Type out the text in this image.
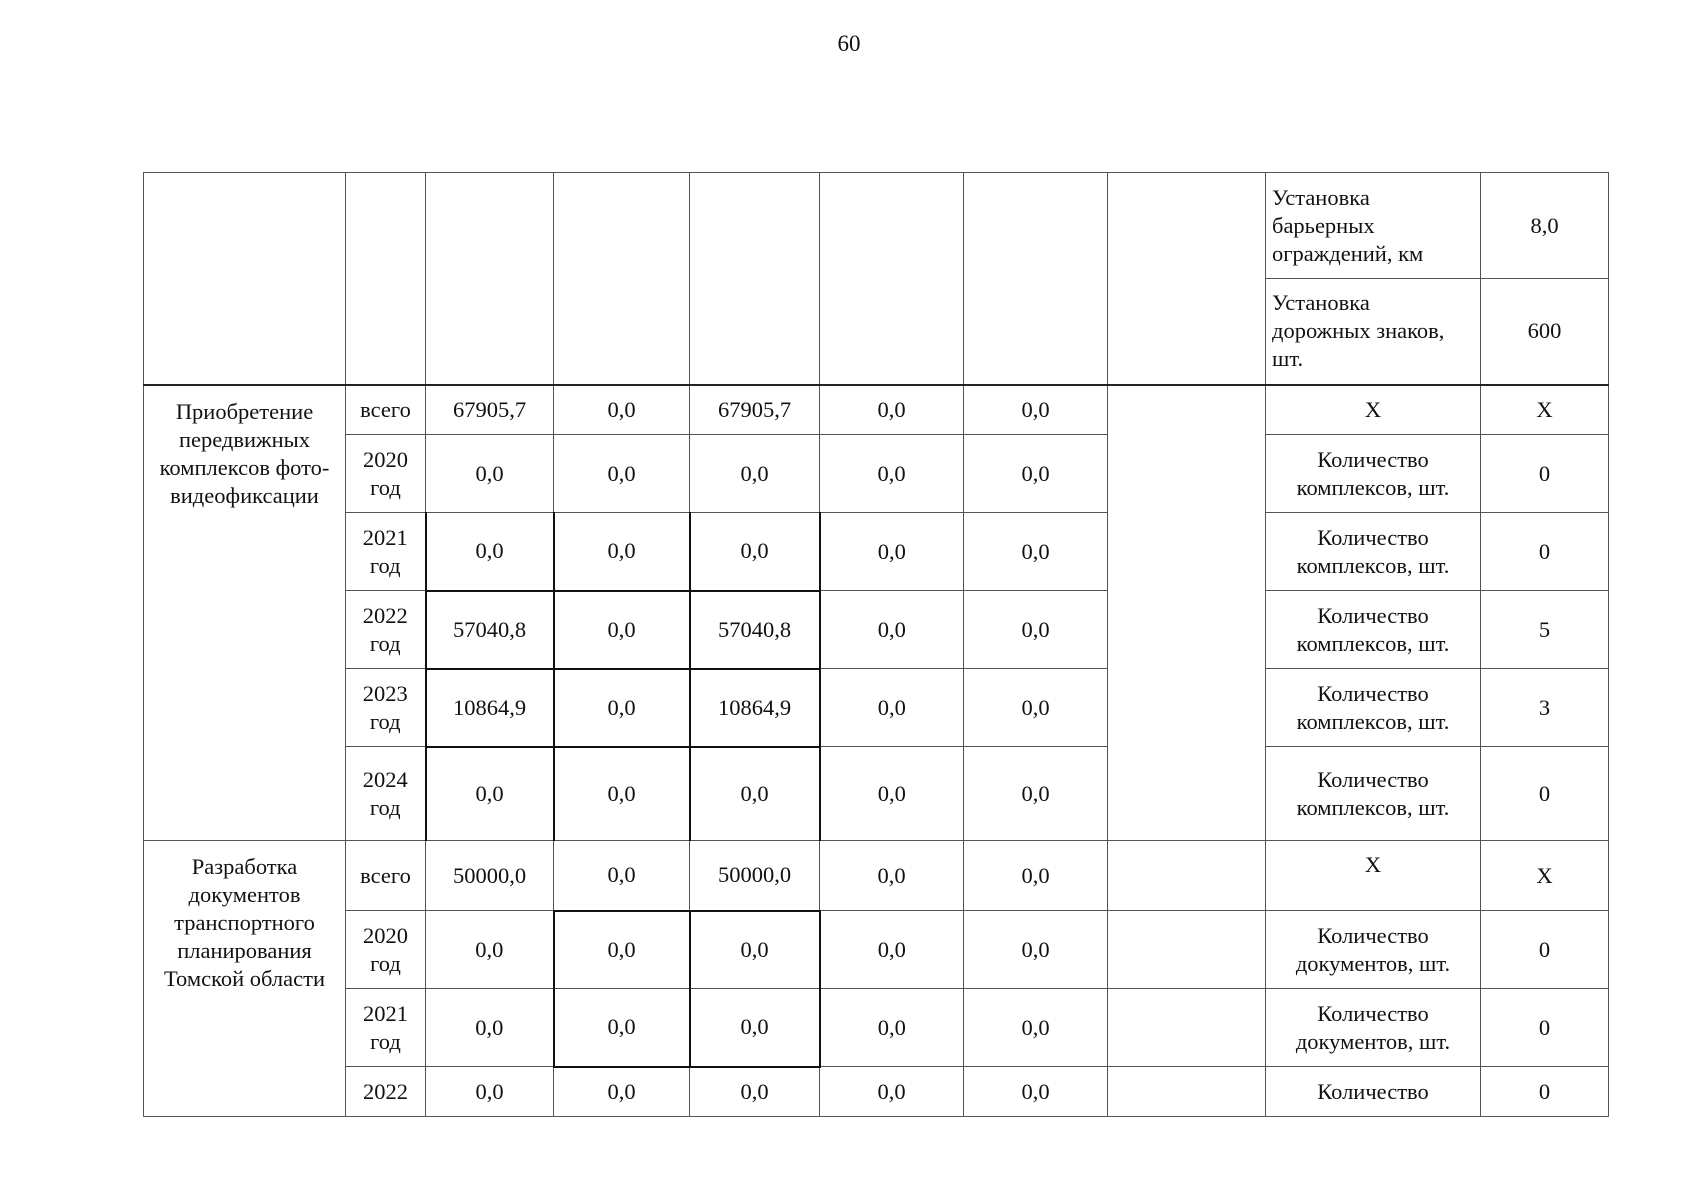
60
								Установка барьерных ограждений, км	8,0
								Установка дорожных знаков, шт.	600
Приобретение передвижных комплексов фото-видеофиксации	всего	67905,7	0,0	67905,7	0,0	0,0		X	X
	2020 год	0,0	0,0	0,0	0,0	0,0		Количество комплексов, шт.	0
	2021 год	0,0	0,0	0,0	0,0	0,0		Количество комплексов, шт.	0
	2022 год	57040,8	0,0	57040,8	0,0	0,0		Количество комплексов, шт.	5
	2023 год	10864,9	0,0	10864,9	0,0	0,0		Количество комплексов, шт.	3
	2024 год	0,0	0,0	0,0	0,0	0,0		Количество комплексов, шт.	0
Разработка документов транспортного планирования Томской области	всего	50000,0	0,0	50000,0	0,0	0,0		X	X
	2020 год	0,0	0,0	0,0	0,0	0,0		Количество документов, шт.	0
	2021 год	0,0	0,0	0,0	0,0	0,0		Количество документов, шт.	0
	2022	0,0	0,0	0,0	0,0	0,0		Количество	0
